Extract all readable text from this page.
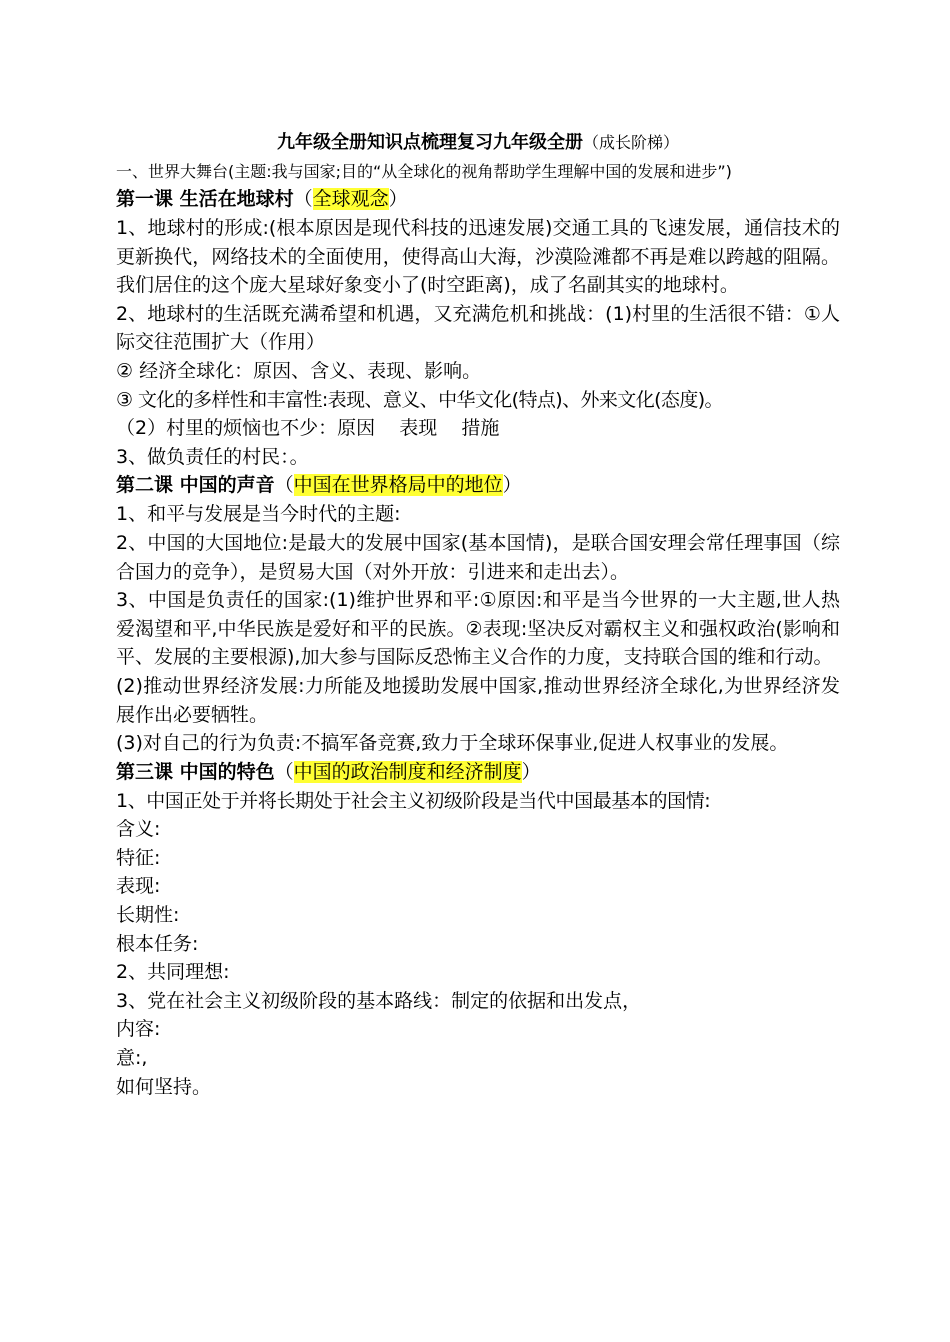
九年级全册知识点梳理复习九年级全册（成长阶梯）

一、世界大舞台(主题:我与国家;目的“从全球化的视角帮助学生理解中国的发展和进步”)

第一课 生活在地球村（全球观念）

1、地球村的形成:(根本原因是现代科技的迅速发展)交通工具的飞速发展，通信技术的更新换代，网络技术的全面使用，使得高山大海，沙漠险滩都不再是难以跨越的阻隔。我们居住的这个庞大星球好象变小了(时空距离)，成了名副其实的地球村。

2、地球村的生活既充满希望和机遇，又充满危机和挑战：(1)村里的生活很不错：①人际交往范围扩大（作用）

② 经济全球化：原因、含义、表现、影响。

③ 文化的多样性和丰富性:表现、意义、中华文化(特点)、外来文化(态度)。

（2）村里的烦恼也不少：原因    表现    措施

3、做负责任的村民：。

第二课 中国的声音（中国在世界格局中的地位）

1、和平与发展是当今时代的主题:

2、中国的大国地位:是最大的发展中国家(基本国情)，是联合国安理会常任理事国（综合国力的竞争），是贸易大国（对外开放：引进来和走出去）。

3、中国是负责任的国家:(1)维护世界和平:①原因:和平是当今世界的一大主题,世人热爱渴望和平,中华民族是爱好和平的民族。②表现:坚决反对霸权主义和强权政治(影响和平、发展的主要根源),加大参与国际反恐怖主义合作的力度，支持联合国的维和行动。

(2)推动世界经济发展:力所能及地援助发展中国家,推动世界经济全球化,为世界经济发展作出必要牺牲。

(3)对自己的行为负责:不搞军备竞赛,致力于全球环保事业,促进人权事业的发展。

第三课 中国的特色（中国的政治制度和经济制度）

1、中国正处于并将长期处于社会主义初级阶段是当代中国最基本的国情:

含义:

特征:

表现:

长期性:

根本任务:

2、共同理想:

3、党在社会主义初级阶段的基本路线：制定的依据和出发点，

内容:

意:,

如何坚持。
